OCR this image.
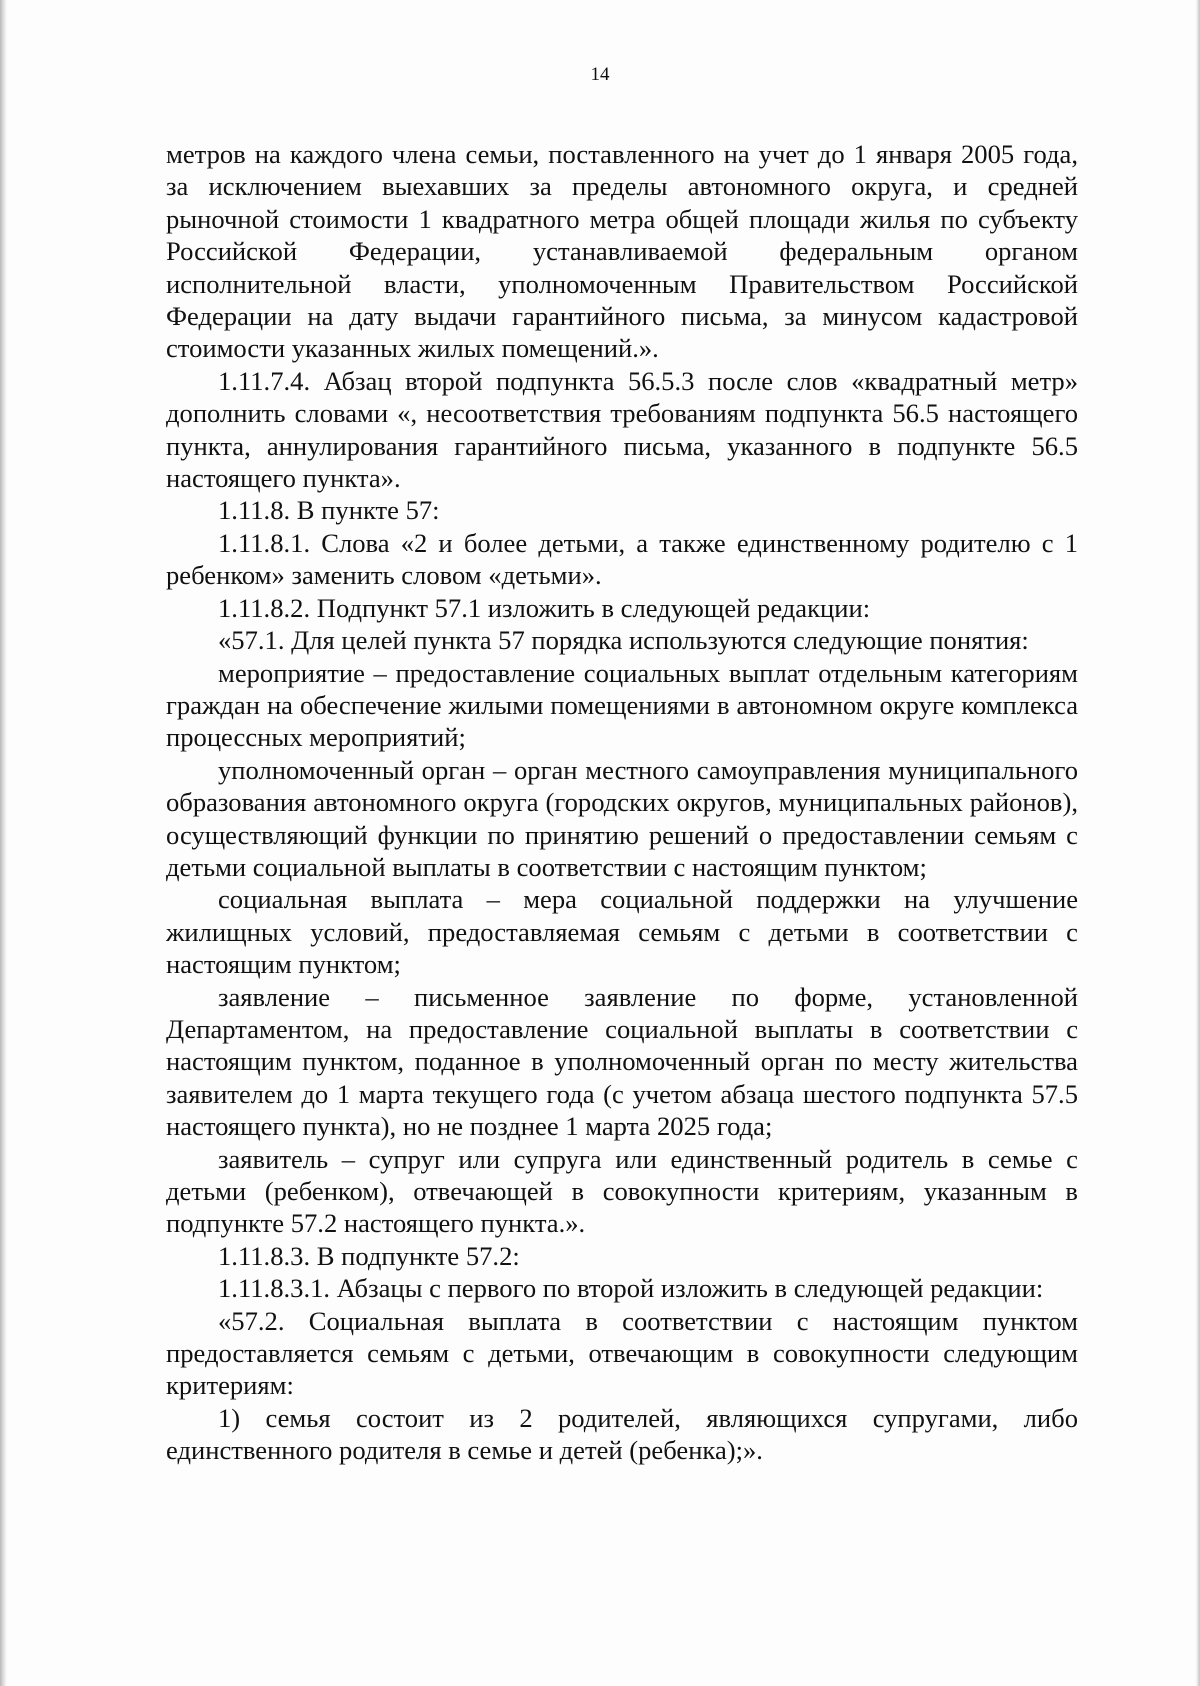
14

метров на каждого члена семьи, поставленного на учет до 1 января 2005 года, за исключением выехавших за пределы автономного округа, и средней рыночной стоимости 1 квадратного метра общей площади жилья по субъекту Российской Федерации, устанавливаемой федеральным органом исполнительной власти, уполномоченным Правительством Российской Федерации на дату выдачи гарантийного письма, за минусом кадастровой стоимости указанных жилых помещений.».

1.11.7.4. Абзац второй подпункта 56.5.3 после слов «квадратный метр» дополнить словами «, несоответствия требованиям подпункта 56.5 настоящего пункта, аннулирования гарантийного письма, указанного в подпункте 56.5 настоящего пункта».

1.11.8. В пункте 57:

1.11.8.1. Слова «2 и более детьми, а также единственному родителю с 1 ребенком» заменить словом «детьми».

1.11.8.2. Подпункт 57.1 изложить в следующей редакции:

«57.1. Для целей пункта 57 порядка используются следующие понятия:

мероприятие – предоставление социальных выплат отдельным категориям граждан на обеспечение жилыми помещениями в автономном округе комплекса процессных мероприятий;

уполномоченный орган – орган местного самоуправления муниципального образования автономного округа (городских округов, муниципальных районов), осуществляющий функции по принятию решений о предоставлении семьям с детьми социальной выплаты в соответствии с настоящим пунктом;

социальная выплата – мера социальной поддержки на улучшение жилищных условий, предоставляемая семьям с детьми в соответствии с настоящим пунктом;

заявление – письменное заявление по форме, установленной Департаментом, на предоставление социальной выплаты в соответствии с настоящим пунктом, поданное в уполномоченный орган по месту жительства заявителем до 1 марта текущего года (с учетом абзаца шестого подпункта 57.5 настоящего пункта), но не позднее 1 марта 2025 года;

заявитель – супруг или супруга или единственный родитель в семье с детьми (ребенком), отвечающей в совокупности критериям, указанным в подпункте 57.2 настоящего пункта.».

1.11.8.3. В подпункте 57.2:

1.11.8.3.1. Абзацы с первого по второй изложить в следующей редакции:

«57.2. Социальная выплата в соответствии с настоящим пунктом предоставляется семьям с детьми, отвечающим в совокупности следующим критериям:

1) семья состоит из 2 родителей, являющихся супругами, либо единственного родителя в семье и детей (ребенка);».
